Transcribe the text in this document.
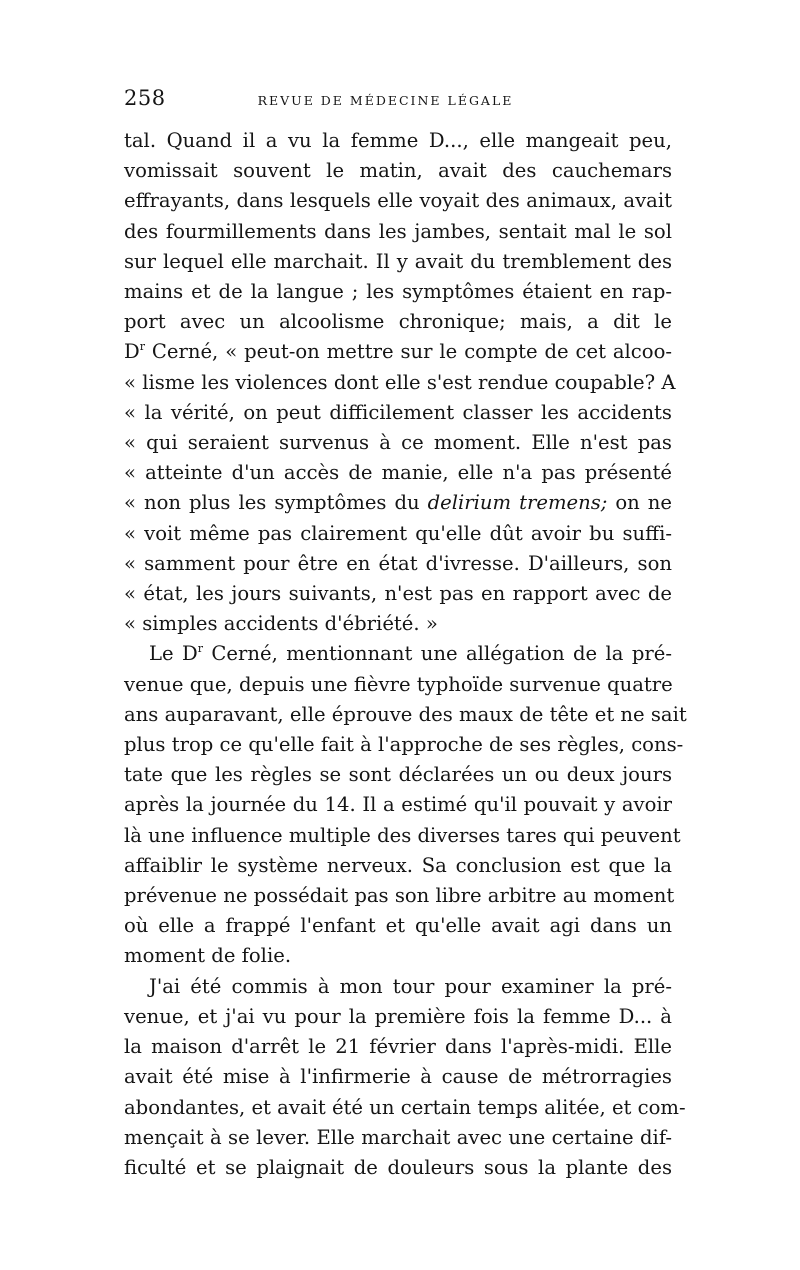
258	REVUE DE MÉDECINE LÉGALE
tal. Quand il a vu la femme D..., elle mangeait peu,
vomissait souvent le matin, avait des cauchemars
effrayants, dans lesquels elle voyait des animaux, avait
des fourmillements dans les jambes, sentait mal le sol
sur lequel elle marchait. Il y avait du tremblement des
mains et de la langue ; les symptômes étaient en rap-
port avec un alcoolisme chronique; mais, a dit le
$D^r$ Cerné, « peut-on mettre sur le compte de cet alcoo-
« lisme les violences dont elle s'est rendue coupable? A
« la vérité, on peut difficilement classer les accidents
« qui seraient survenus à ce moment. Elle n'est pas
« atteinte d'un accès de manie, elle n'a pas présenté
« non plus les symptômes du delirium tremens; on ne
« voit même pas clairement qu'elle dût avoir bu suffi-
« samment pour être en état d'ivresse. D'ailleurs, son
« état, les jours suivants, n'est pas en rapport avec de
« simples accidents d'ébriété. »
Le $D^r$ Cerné, mentionnant une allégation de la pré-
venue que, depuis une fièvre typhoïde survenue quatre
ans auparavant, elle éprouve des maux de tête et ne sait
plus trop ce qu'elle fait à l'approche de ses règles, cons-
tate que les règles se sont déclarées un ou deux jours
après la journée du 14. Il a estimé qu'il pouvait y avoir
là une influence multiple des diverses tares qui peuvent
affaiblir le système nerveux. Sa conclusion est que la
prévenue ne possédait pas son libre arbitre au moment
où elle a frappé l'enfant et qu'elle avait agi dans un
moment de folie.
J'ai été commis à mon tour pour examiner la pré-
venue, et j'ai vu pour la première fois la femme D... à
la maison d'arrêt le 21 février dans l'après-midi. Elle
avait été mise à l'infirmerie à cause de métrorragies
abondantes, et avait été un certain temps alitée, et com-
mençait à se lever. Elle marchait avec une certaine dif-
ficulté et se plaignait de douleurs sous la plante des
